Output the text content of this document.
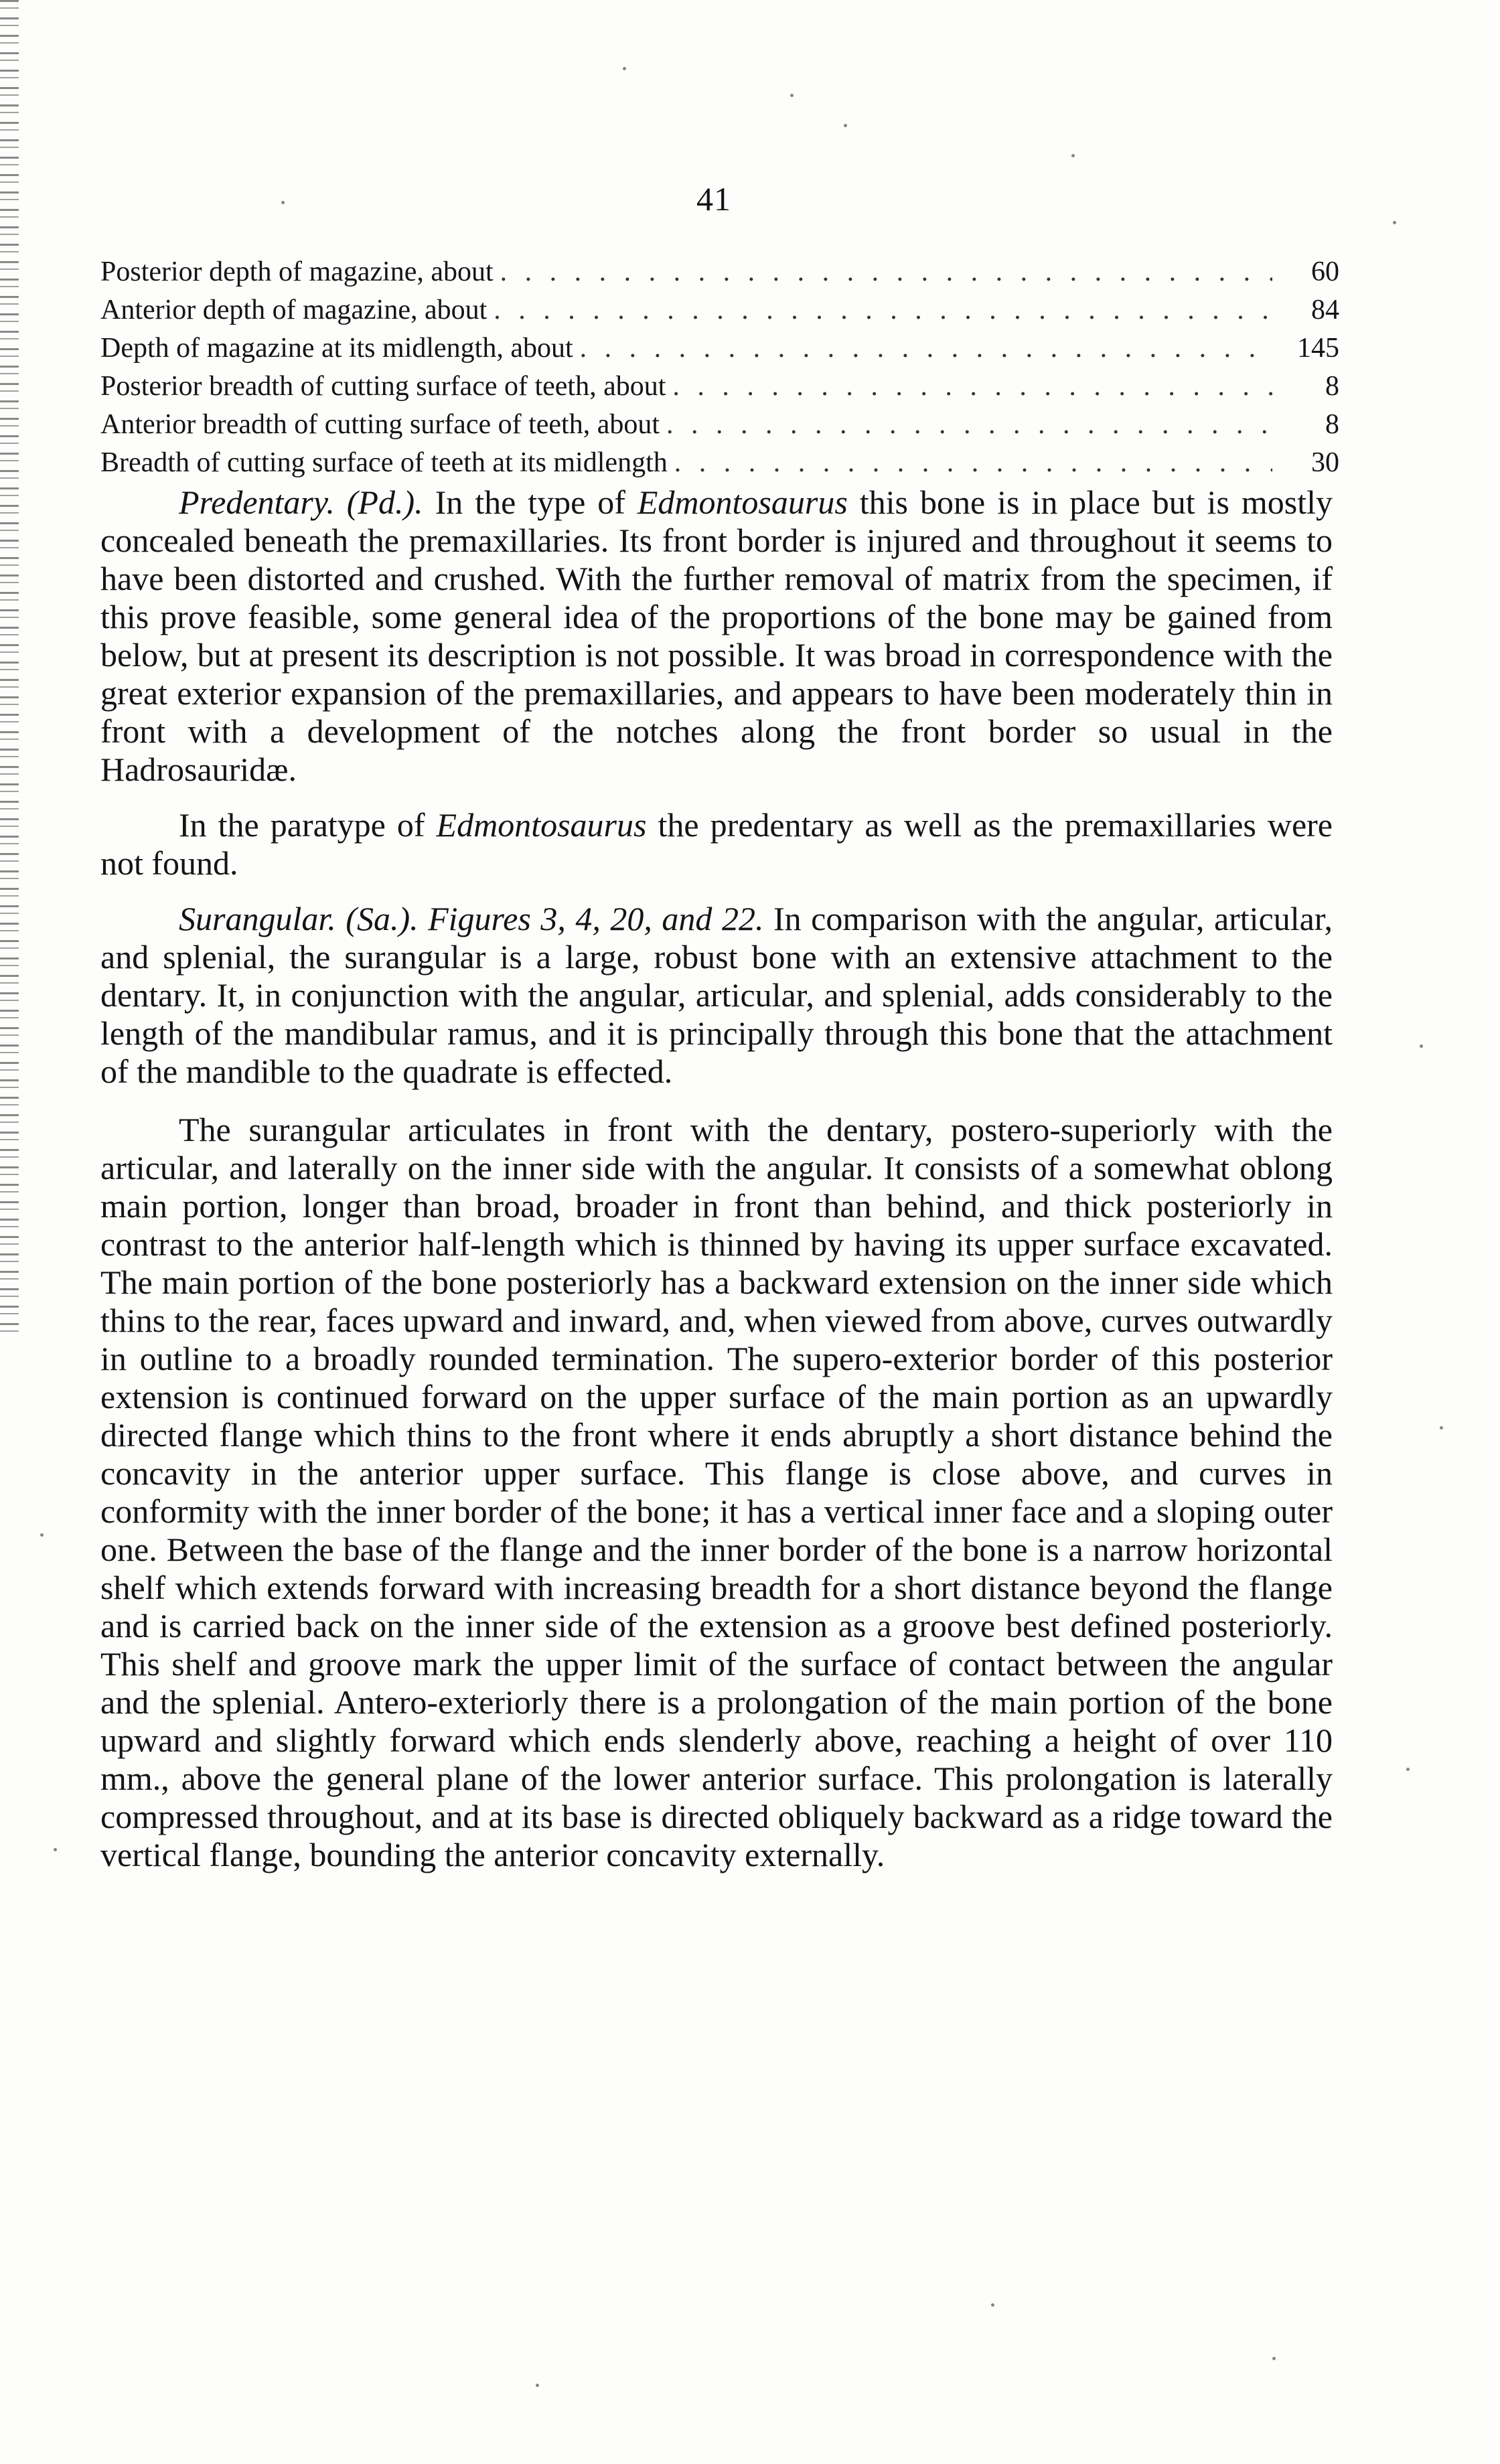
41
Posterior depth of magazine, about . . .	60
Anterior depth of magazine, about . . .	84
Depth of magazine at its midlength, about . . .	145
Posterior breadth of cutting surface of teeth, about . . .	8
Anterior breadth of cutting surface of teeth, about . . .	8
Breadth of cutting surface of teeth at its midlength . . .	30

Predentary. (Pd.). In the type of Edmontosaurus this bone is in place but is mostly concealed beneath the premaxillaries. Its front border is injured and throughout it seems to have been distorted and crushed. With the further removal of matrix from the specimen, if this prove feasible, some general idea of the proportions of the bone may be gained from below, but at present its description is not possible. It was broad in correspondence with the great exterior expansion of the premaxillaries, and appears to have been moderately thin in front with a development of the notches along the front border so usual in the Hadrosauridæ.

In the paratype of Edmontosaurus the predentary as well as the premaxillaries were not found.

Surangular. (Sa.). Figures 3, 4, 20, and 22. In comparison with the angular, articular, and splenial, the surangular is a large, robust bone with an extensive attachment to the dentary. It, in conjunction with the angular, articular, and splenial, adds considerably to the length of the mandibular ramus, and it is principally through this bone that the attachment of the mandible to the quadrate is effected.

The surangular articulates in front with the dentary, postero-superiorly with the articular, and laterally on the inner side with the angular. It consists of a somewhat oblong main portion, longer than broad, broader in front than behind, and thick posteriorly in contrast to the anterior half-length which is thinned by having its upper surface excavated. The main portion of the bone posteriorly has a backward extension on the inner side which thins to the rear, faces upward and inward, and, when viewed from above, curves outwardly in outline to a broadly rounded termination. The supero-exterior border of this posterior extension is continued forward on the upper surface of the main portion as an upwardly directed flange which thins to the front where it ends abruptly a short distance behind the concavity in the anterior upper surface. This flange is close above, and curves in conformity with the inner border of the bone; it has a vertical inner face and a sloping outer one. Between the base of the flange and the inner border of the bone is a narrow horizontal shelf which extends forward with increasing breadth for a short distance beyond the flange and is carried back on the inner side of the extension as a groove best defined posteriorly. This shelf and groove mark the upper limit of the surface of contact between the angular and the splenial. Antero-exteriorly there is a prolongation of the main portion of the bone upward and slightly forward which ends slenderly above, reaching a height of over 110 mm., above the general plane of the lower anterior surface. This prolongation is laterally compressed throughout, and at its base is directed obliquely backward as a ridge toward the vertical flange, bounding the anterior concavity externally.
